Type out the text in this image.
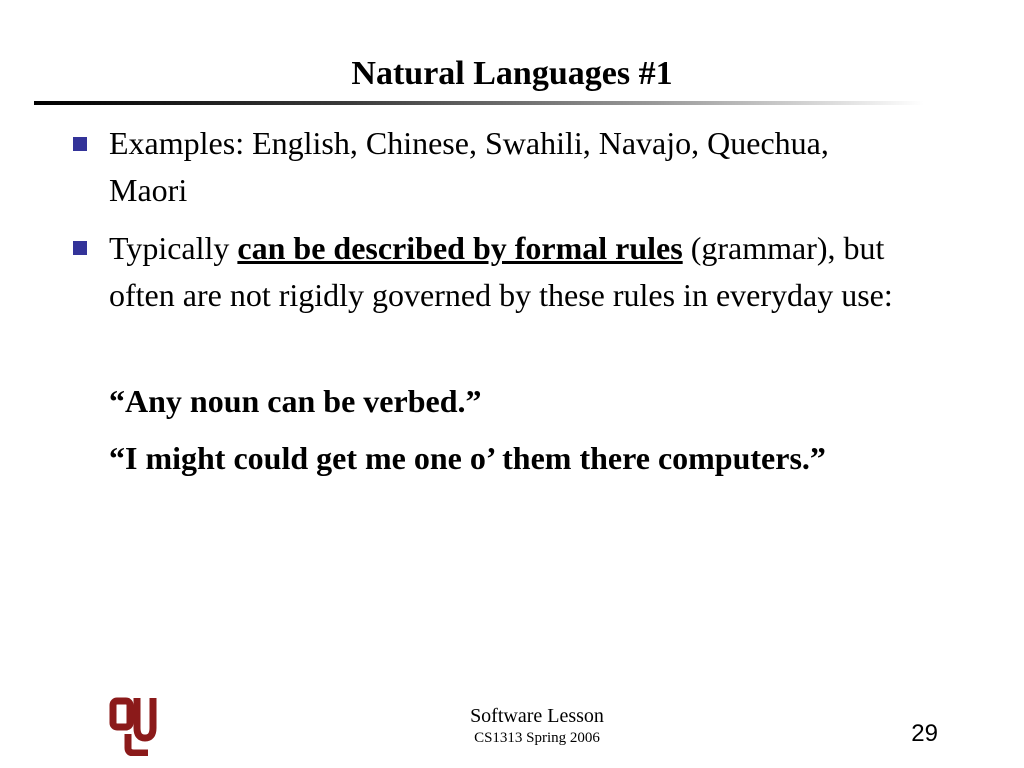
Natural Languages #1

Examples: English, Chinese, Swahili, Navajo, Quechua, Maori

Typically can be described by formal rules (grammar), but often are not rigidly governed by these rules in everyday use:

“Any noun can be verbed.”

“I might could get me one o’ them there computers.”

Software Lesson
CS1313 Spring 2006	29
